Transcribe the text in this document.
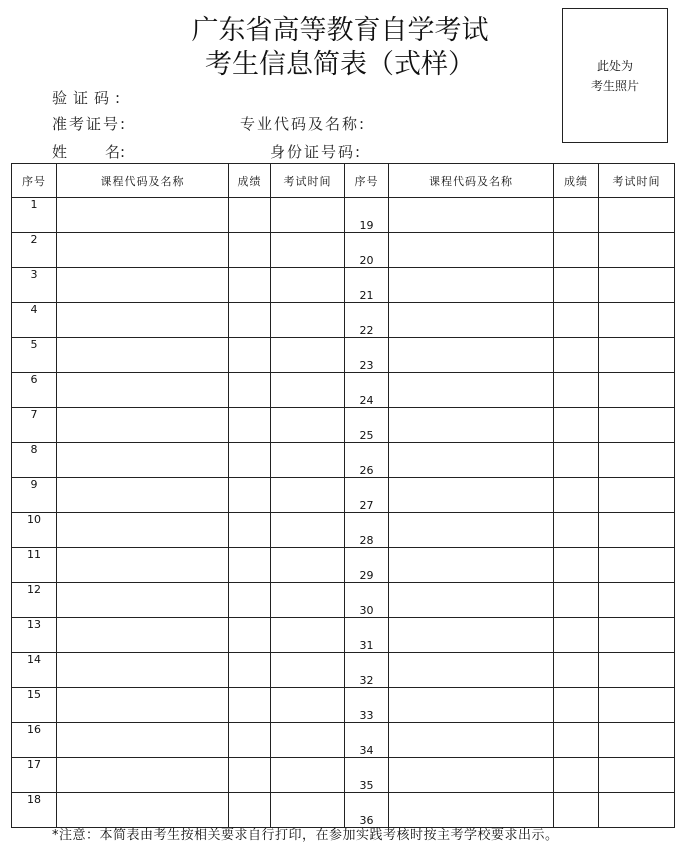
广东省高等教育自学考试
考生信息简表（式样）	此处为
考生照片
验证码:
准考证号:
姓	名:
专业代码及名称:
身份证号码:
序号	课程代码及名称	成绩	考试时间	序号	课程代码及名称	成绩	考试时间
1				19			
2				20			
3				21			
4				22			
5				23			
6				24			
7				25			
8				26			
9				27			
10				28			
11				29			
12				30			
13				31			
14				32			
15				33			
16				34			
17				35			
18				36			
*注意：本简表由考生按相关要求自行打印，在参加实践考核时按主考学校要求出示。
